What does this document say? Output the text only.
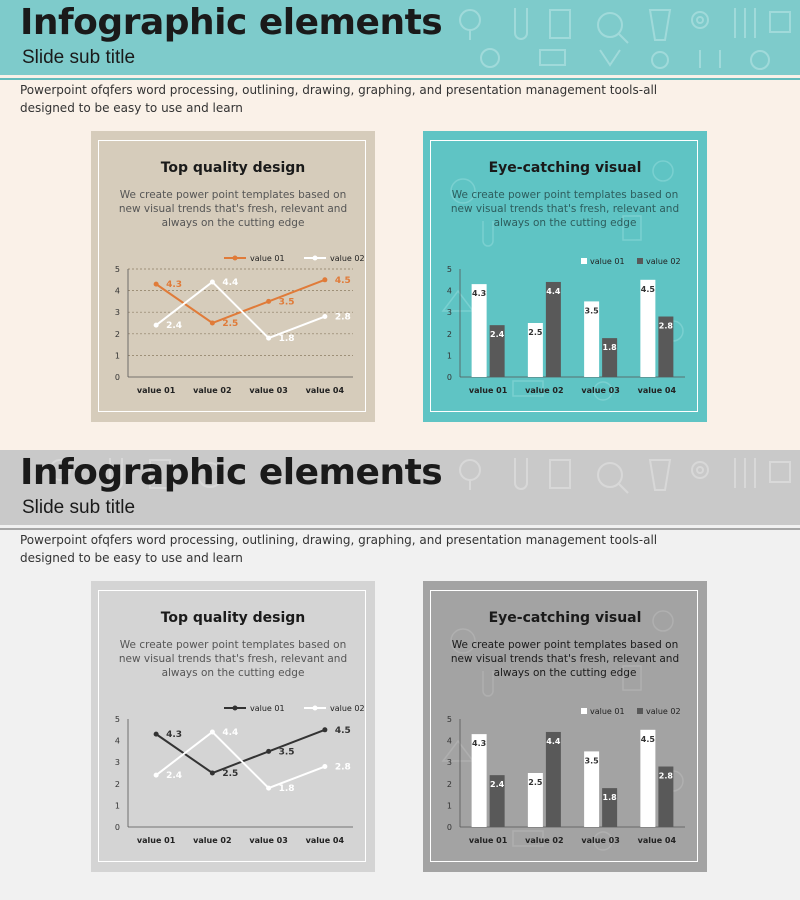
Infographic elements
Slide sub title
Powerpoint ofqfers word processing, outlining, drawing, graphing, and presentation management tools-all designed to be easy to use and learn
Top quality design
We create power point templates based on new visual trends that's fresh, relevant and always on the cutting edge
0
1
2
3
4
5
value 01 value 02 value 03 value 04
value 01	value 02
4.3
2.5
3.5
4.5
2.4
4.4
1.8
2.8
Eye-catching visual
We create power point templates based on new visual trends that's fresh, relevant and always on the cutting edge
0
1
2
3
4
5
value 01 value 02 value 03 value 04
value 01	value 02
4.3
2.5
3.5
4.5
2.4
4.4
1.8
2.8
Infographic elements
Slide sub title
Powerpoint ofqfers word processing, outlining, drawing, graphing, and presentation management tools-all designed to be easy to use and learn
Top quality design
We create power point templates based on new visual trends that's fresh, relevant and always on the cutting edge
0
1
2
3
4
5
value 01 value 02 value 03 value 04
value 01	value 02
4.3
2.5
3.5
4.5
2.4
4.4
1.8
2.8
Eye-catching visual
We create power point templates based on new visual trends that's fresh, relevant and always on the cutting edge
0
1
2
3
4
5
value 01 value 02 value 03 value 04
value 01	value 02
4.3
2.5
3.5
4.5
2.4
4.4
1.8
2.8
